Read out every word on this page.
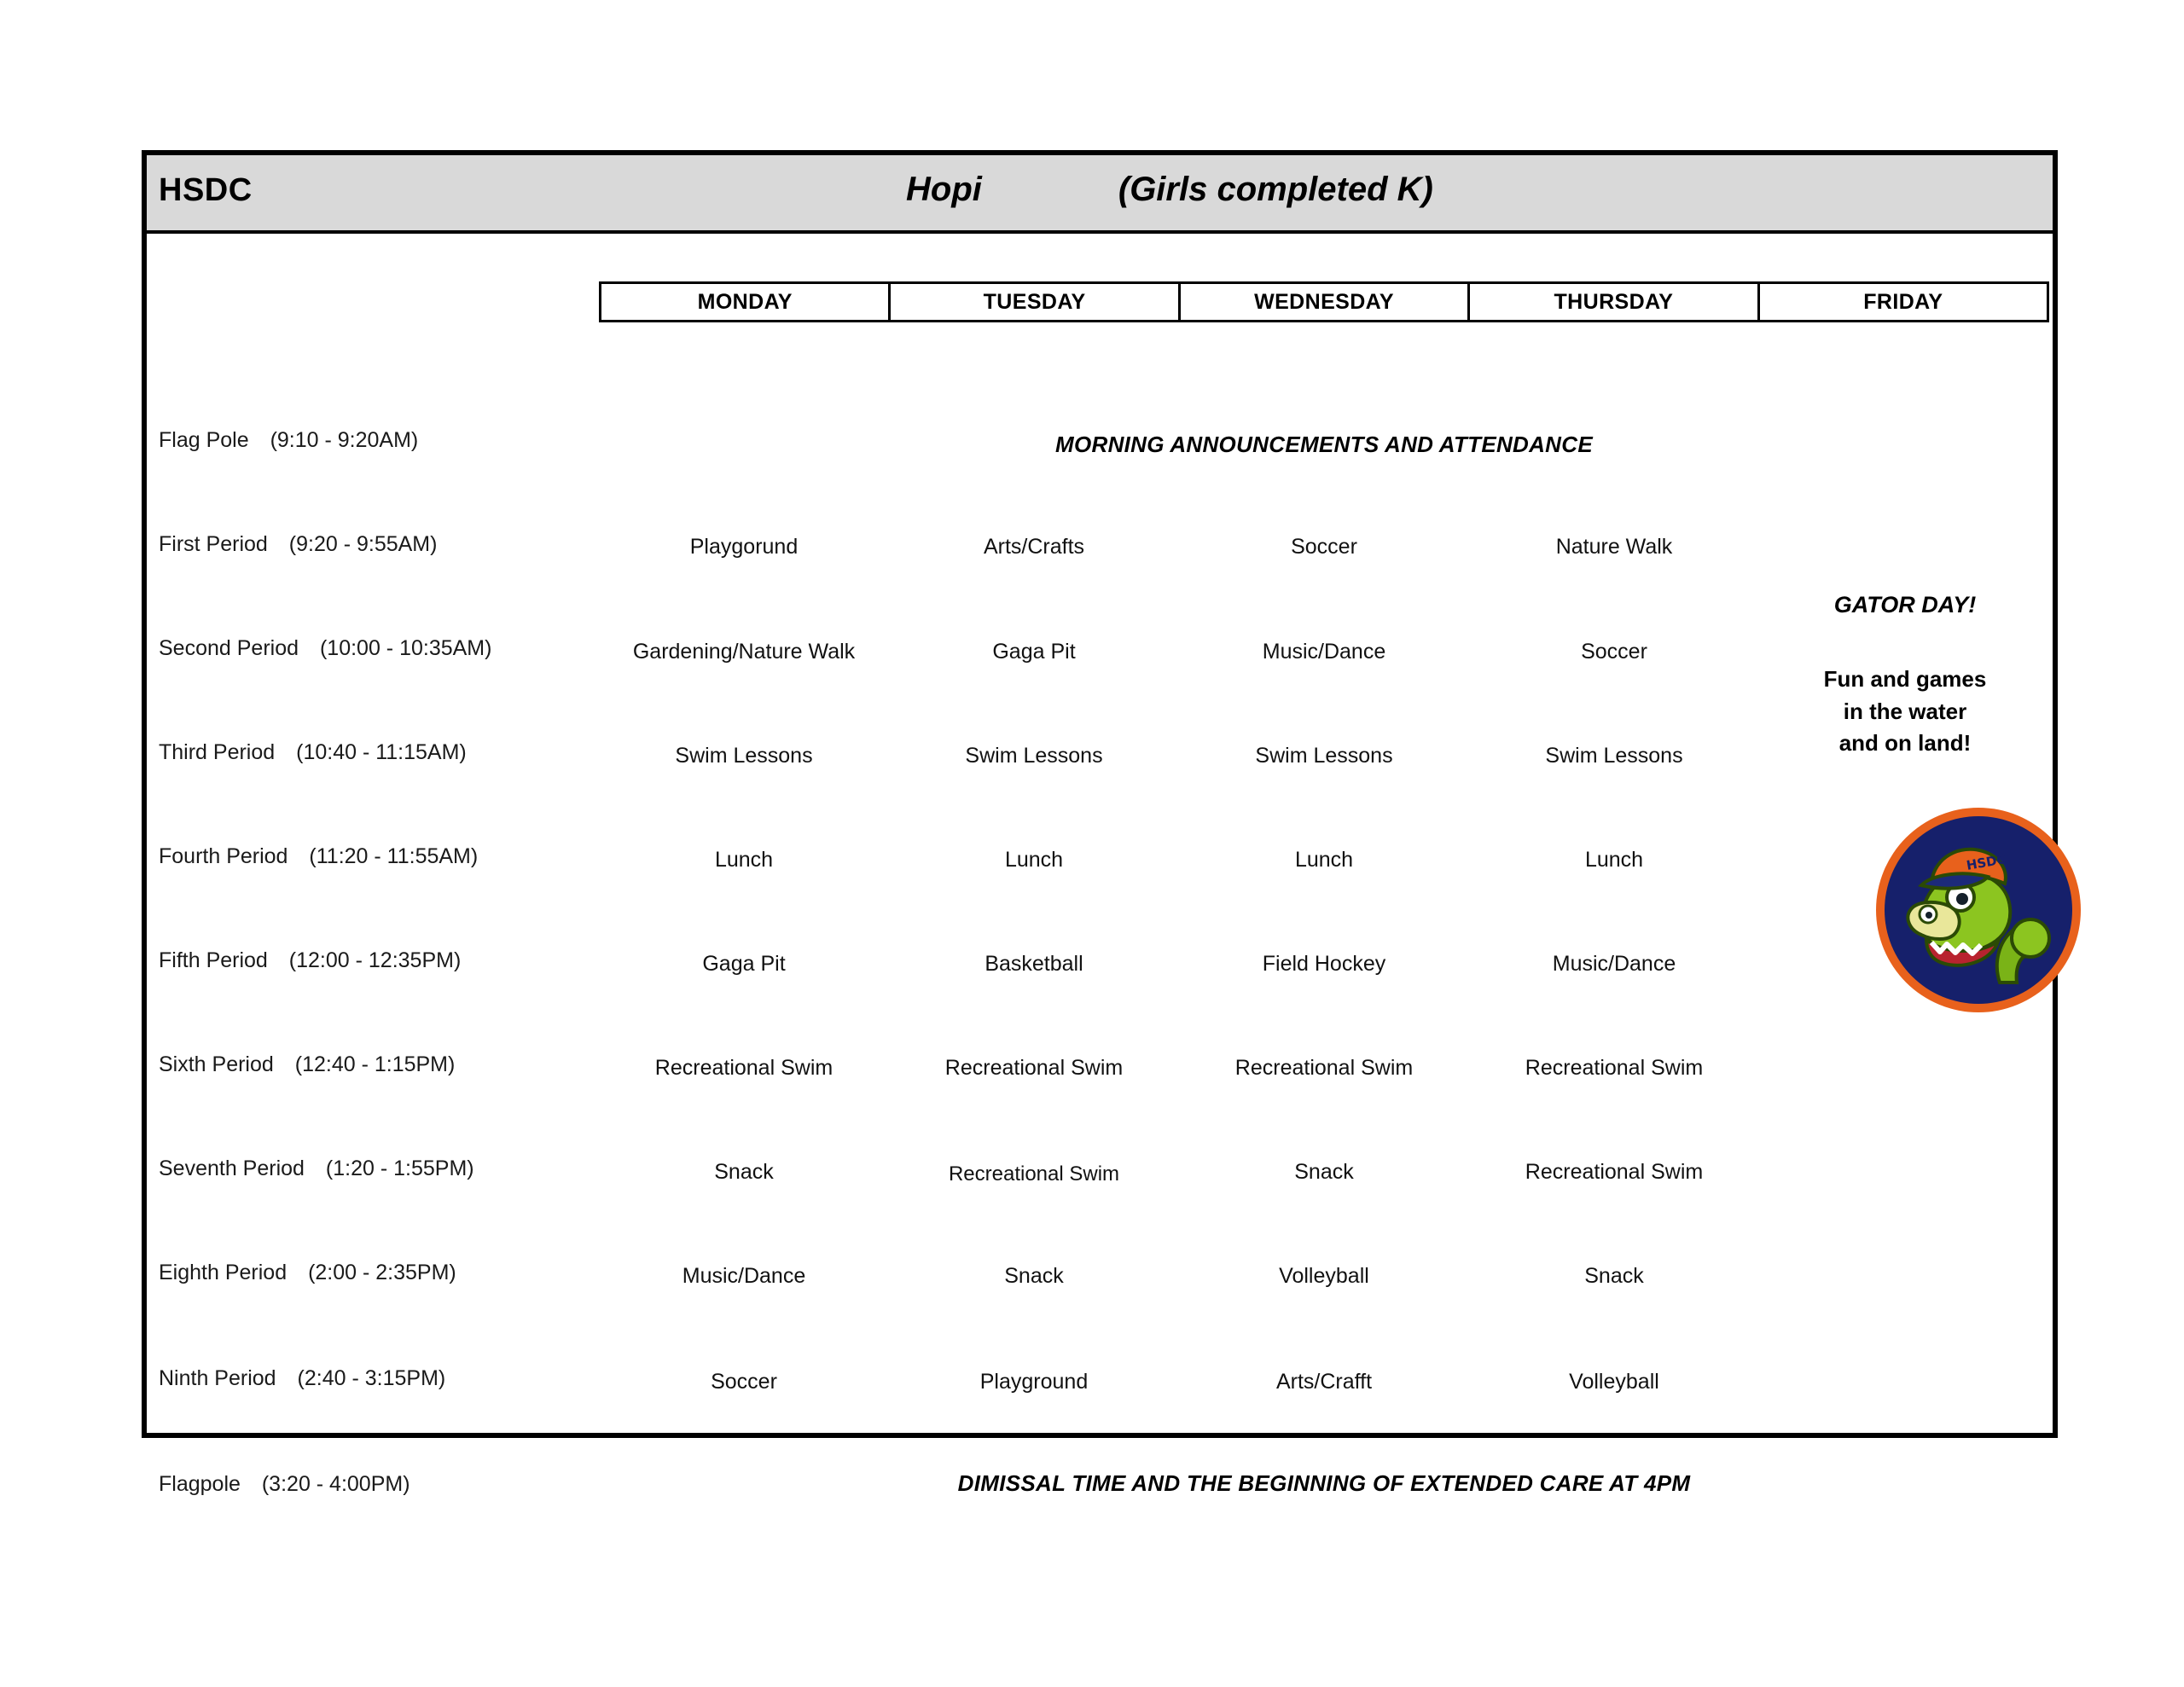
HSDC	Hopi	(Girls completed K)
MONDAY	TUESDAY	WEDNESDAY	THURSDAY	FRIDAY
Flag Pole (9:10 - 9:20AM)	MORNING ANNOUNCEMENTS AND ATTENDANCE
First Period (9:20 - 9:55AM)	Playgorund	Arts/Crafts	Soccer	Nature Walk
Second Period (10:00 - 10:35AM)	Gardening/Nature Walk	Gaga Pit	Music/Dance	Soccer
Third Period (10:40 - 11:15AM)	Swim Lessons	Swim Lessons	Swim Lessons	Swim Lessons
Fourth Period (11:20 - 11:55AM)	Lunch	Lunch	Lunch	Lunch
Fifth Period (12:00 - 12:35PM)	Gaga Pit	Basketball	Field Hockey	Music/Dance
Sixth Period (12:40 - 1:15PM)	Recreational Swim	Recreational Swim	Recreational Swim	Recreational Swim
Seventh Period (1:20 - 1:55PM)	Snack	Recreational Swim	Snack	Recreational Swim
Eighth Period (2:00 - 2:35PM)	Music/Dance	Snack	Volleyball	Snack
Ninth Period (2:40 - 3:15PM)	Soccer	Playground	Arts/Crafft	Volleyball
Flagpole (3:20 - 4:00PM)	DIMISSAL TIME AND THE BEGINNING OF EXTENDED CARE AT 4PM
GATOR DAY!
Fun and games
in the water
and on land!
HSDC
